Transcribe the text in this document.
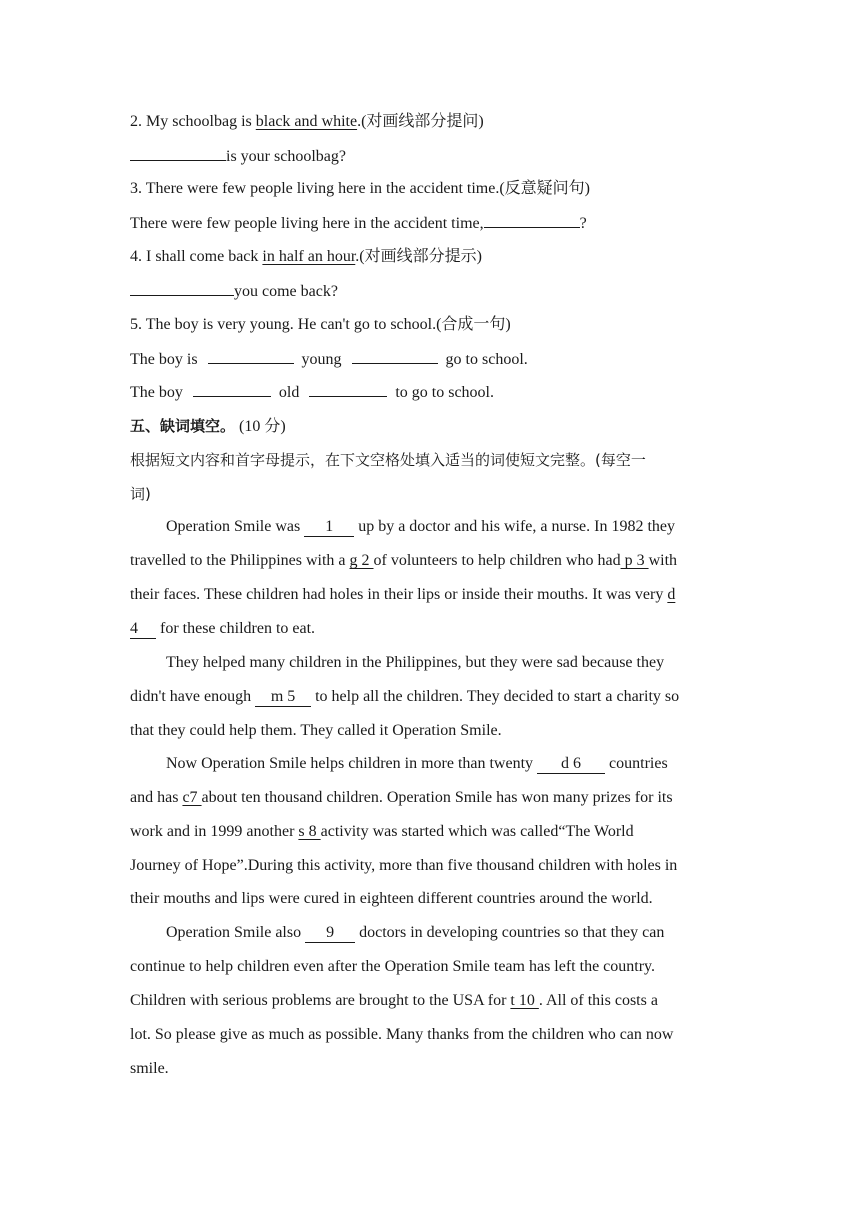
2. My schoolbag is black and white.(对画线部分提问)
is your schoolbag?
3. There were few people living here in the accident time.(反意疑问句)
There were few people living here in the accident time,	?
4. I shall come back in half an hour.(对画线部分提示)
you come back?
5. The boy is very young. He can't go to school.(合成一句)
The boy is	young	go to school.
The boy	old	to go to school.
五、缺词填空。 (10 分)
根据短文内容和首字母提示，在下文空格处填入适当的词使短文完整。(每空一
词)
Operation Smile was 1 up by a doctor and his wife, a nurse. In 1982 they
travelled to the Philippines with a g 2 of volunteers to help children who had p 3 with
their faces. These children had holes in their lips or inside their mouths. It was very d
4 for these children to eat.
They helped many children in the Philippines, but they were sad because they
didn't have enough m 5 to help all the children. They decided to start a charity so
that they could help them. They called it Operation Smile.
Now Operation Smile helps children in more than twenty d 6 countries
and has c7 about ten thousand children. Operation Smile has won many prizes for its
work and in 1999 another s 8 activity was started which was called“The World
Journey of Hope”.During this activity, more than five thousand children with holes in
their mouths and lips were cured in eighteen different countries around the world.
Operation Smile also 9 doctors in developing countries so that they can
continue to help children even after the Operation Smile team has left the country.
Children with serious problems are brought to the USA for t 10 . All of this costs a
lot. So please give as much as possible. Many thanks from the children who can now
smile.
